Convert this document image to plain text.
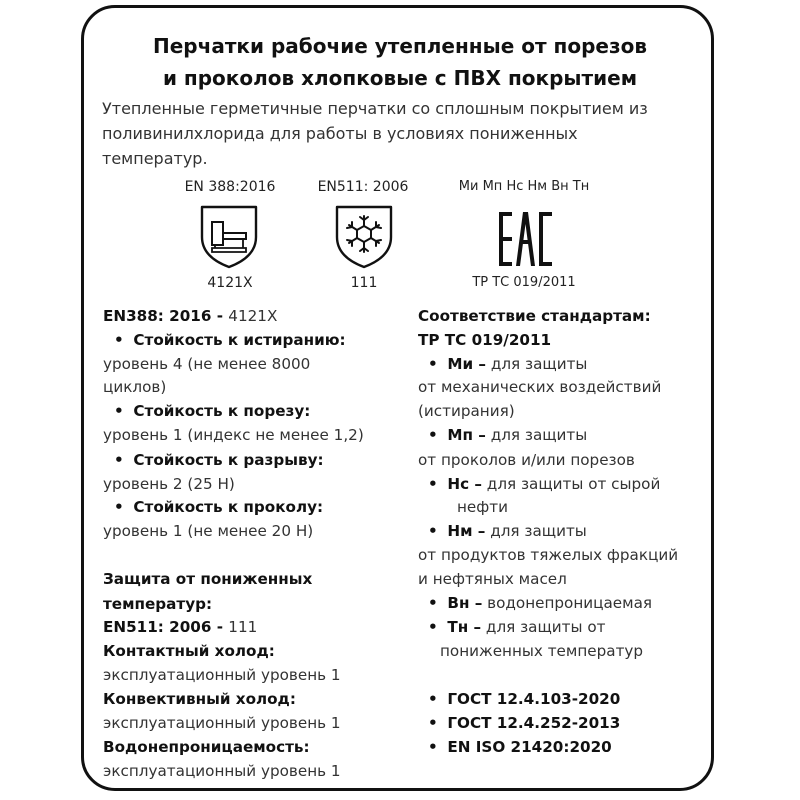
Перчатки рабочие утепленные от порезов
и проколов хлопковые с ПВХ покрытием
Утепленные герметичные перчатки со сплошным покрытием из
поливинилхлорида для работы в условиях пониженных
температур.
EN 388:2016
4121X
EN511: 2006
111
Ми Мп Нс Нм Вн Тн
ТР ТС 019/2011
EN388: 2016 - 4121X
• Стойкость к истиранию:
уровень 4 (не менее 8000
циклов)
• Стойкость к порезу:
уровень 1 (индекс не менее 1,2)
• Стойкость к разрыву:
уровень 2 (25 Н)
• Стойкость к проколу:
уровень 1 (не менее 20 Н)
Защита от пониженных
температур:
EN511: 2006 - 111
Контактный холод:
эксплуатационный уровень 1
Конвективный холод:
эксплуатационный уровень 1
Водонепроницаемость:
эксплуатационный уровень 1
Соответствие стандартам:
ТР ТС 019/2011
• Ми – для защиты
от механических воздействий
(истирания)
• Мп – для защиты
от проколов и/или порезов
• Нс – для защиты от сырой
нефти
• Нм – для защиты
от продуктов тяжелых фракций
и нефтяных масел
• Вн – водонепроницаемая
• Тн – для защиты от
пониженных температур
• ГОСТ 12.4.103-2020
• ГОСТ 12.4.252-2013
• EN ISO 21420:2020
